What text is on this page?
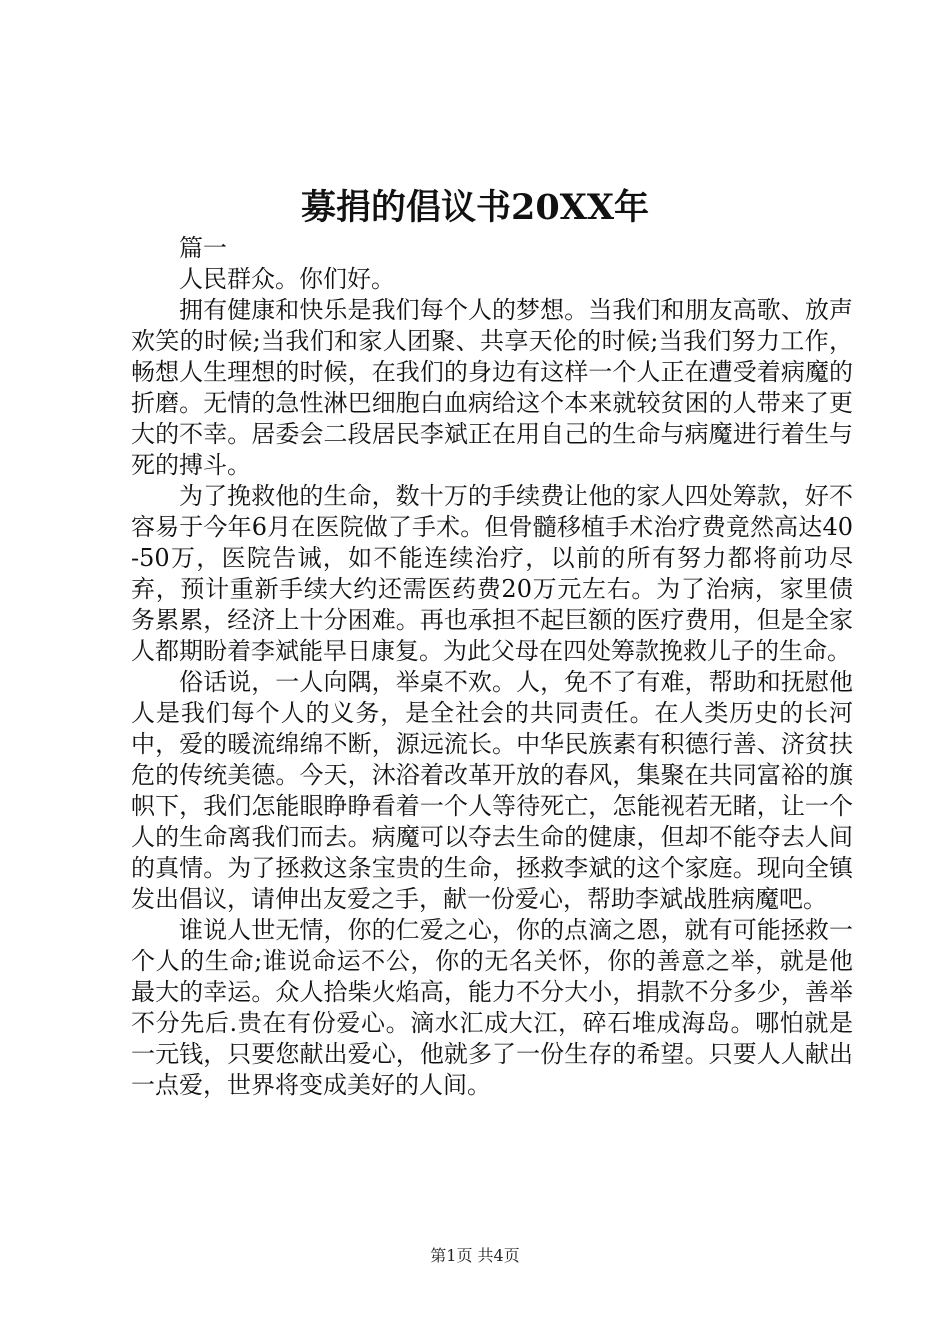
募捐的倡议书20XX年

篇一

人民群众。你们好。

拥有健康和快乐是我们每个人的梦想。当我们和朋友高歌、放声欢笑的时候;当我们和家人团聚、共享天伦的时候;当我们努力工作，畅想人生理想的时候，在我们的身边有这样一个人正在遭受着病魔的折磨。无情的急性淋巴细胞白血病给这个本来就较贫困的人带来了更大的不幸。居委会二段居民李斌正在用自己的生命与病魔进行着生与死的搏斗。

为了挽救他的生命，数十万的手续费让他的家人四处筹款，好不容易于今年6月在医院做了手术。但骨髓移植手术治疗费竟然高达40-50万，医院告诫，如不能连续治疗，以前的所有努力都将前功尽弃，预计重新手续大约还需医药费20万元左右。为了治病，家里债务累累，经济上十分困难。再也承担不起巨额的医疗费用，但是全家人都期盼着李斌能早日康复。为此父母在四处筹款挽救儿子的生命。

俗话说，一人向隅，举桌不欢。人，免不了有难，帮助和抚慰他人是我们每个人的义务，是全社会的共同责任。在人类历史的长河中，爱的暖流绵绵不断，源远流长。中华民族素有积德行善、济贫扶危的传统美德。今天，沐浴着改革开放的春风，集聚在共同富裕的旗帜下，我们怎能眼睁睁看着一个人等待死亡，怎能视若无睹，让一个人的生命离我们而去。病魔可以夺去生命的健康，但却不能夺去人间的真情。为了拯救这条宝贵的生命，拯救李斌的这个家庭。现向全镇发出倡议，请伸出友爱之手，献一份爱心，帮助李斌战胜病魔吧。

谁说人世无情，你的仁爱之心，你的点滴之恩，就有可能拯救一个人的生命;谁说命运不公，你的无名关怀，你的善意之举，就是他最大的幸运。众人拾柴火焰高，能力不分大小，捐款不分多少，善举不分先后.贵在有份爱心。滴水汇成大江，碎石堆成海岛。哪怕就是一元钱，只要您献出爱心，他就多了一份生存的希望。只要人人献出一点爱，世界将变成美好的人间。

第1页 共4页
